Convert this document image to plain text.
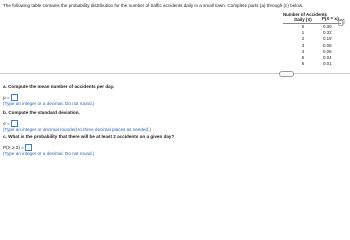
The following table contains the probability distribution for the number of traffic accidents daily in a small town. Complete parts (a) through (c) below.
Number of Accidents
Daily (X)	P(X = xᵢ)
0	0.30
1	0.32
2	0.19
3	0.08
4	0.06
5	0.04
6	0.01
·····
a. Compute the mean number of accidents per day.
μ =
(Type an integer or a decimal. Do not round.)
b. Compute the standard deviation.
σ =
(Type an integer or decimal rounded to three decimal places as needed.)
c. What is the probability that there will be at least 2 accidents on a given day?
P(X ≥ 2) =
(Type an integer or a decimal. Do not round.)
